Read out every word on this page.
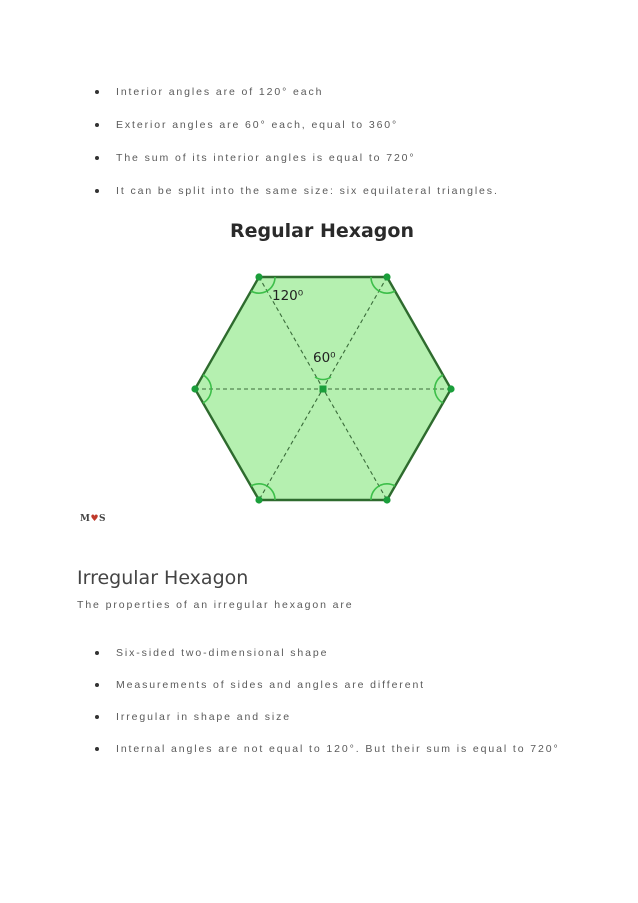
Interior angles are of 120° each
Exterior angles are 60° each, equal to 360°
The sum of its interior angles is equal to 720°
It can be split into the same size: six equilateral triangles.
Regular Hexagon
120⁰
60⁰
M♥S
Irregular Hexagon
The properties of an irregular hexagon are
Six-sided two-dimensional shape
Measurements of sides and angles are different
Irregular in shape and size
Internal angles are not equal to 120°. But their sum is equal to 720°
